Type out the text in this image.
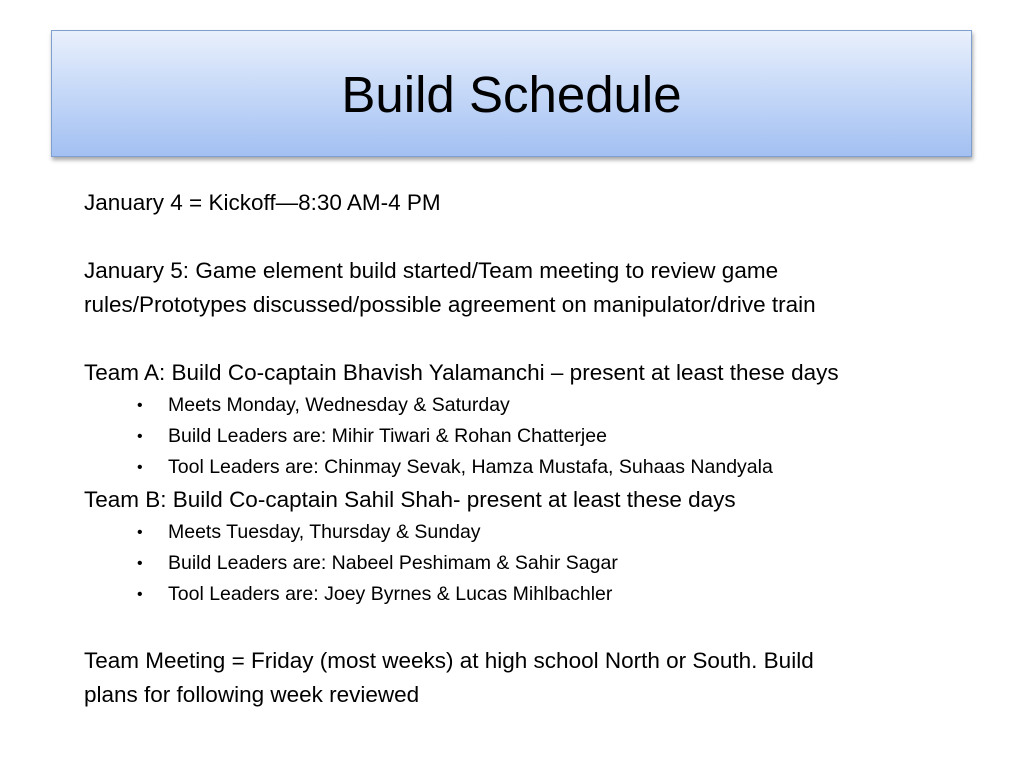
Build Schedule

January 4 = Kickoff—8:30 AM-4 PM

January 5: Game element build started/Team meeting to review game

rules/Prototypes discussed/possible agreement on manipulator/drive train

Team A: Build Co-captain Bhavish Yalamanchi – present at least these days

• Meets Monday, Wednesday & Saturday
• Build Leaders are: Mihir Tiwari & Rohan Chatterjee
• Tool Leaders are: Chinmay Sevak, Hamza Mustafa, Suhaas Nandyala

Team B: Build Co-captain Sahil Shah- present at least these days

• Meets Tuesday, Thursday & Sunday
• Build Leaders are: Nabeel Peshimam & Sahir Sagar
• Tool Leaders are: Joey Byrnes & Lucas Mihlbachler

Team Meeting = Friday (most weeks) at high school North or South. Build

plans for following week reviewed
